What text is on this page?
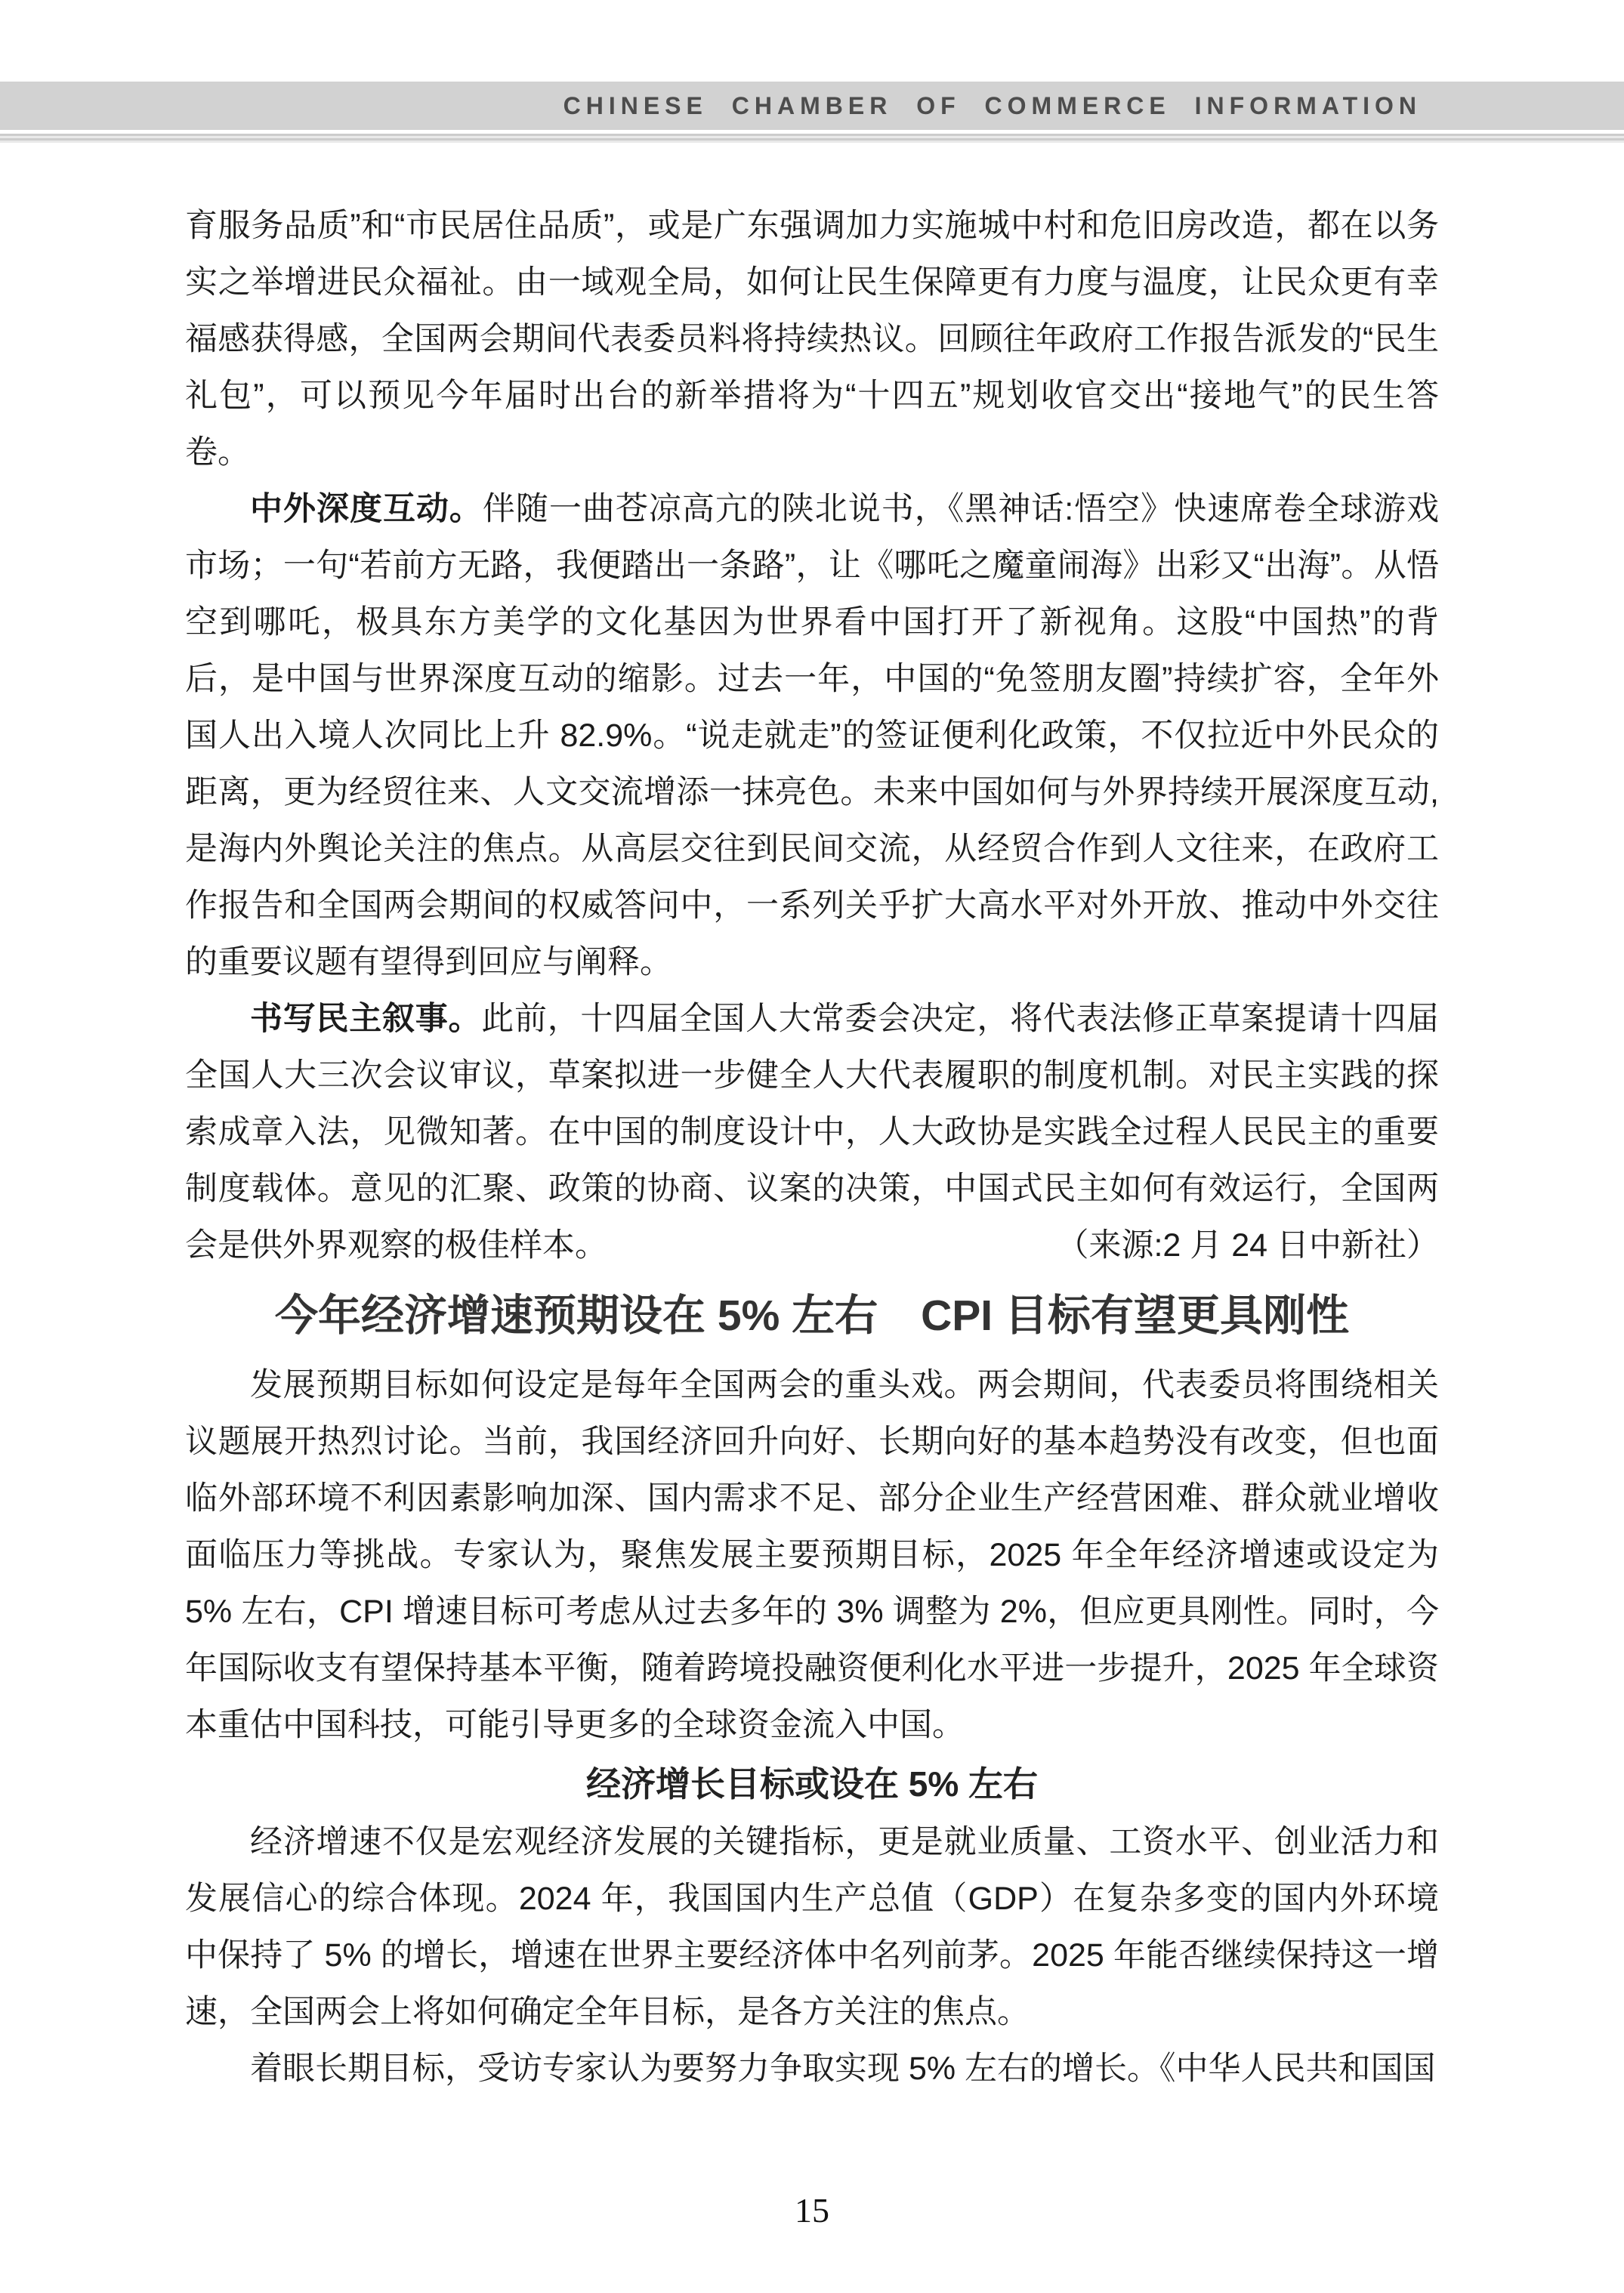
CHINESE CHAMBER OF COMMERCE INFORMATION

育服务品质”和“市民居住品质”，或是广东强调加力实施城中村和危旧房改造，都在以务实之举增进民众福祉。由一域观全局，如何让民生保障更有力度与温度，让民众更有幸福感获得感，全国两会期间代表委员料将持续热议。回顾往年政府工作报告派发的“民生礼包”，可以预见今年届时出台的新举措将为“十四五”规划收官交出“接地气”的民生答卷。

中外深度互动。伴随一曲苍凉高亢的陕北说书，《黑神话:悟空》快速席卷全球游戏市场；一句“若前方无路，我便踏出一条路”，让《哪吒之魔童闹海》出彩又“出海”。从悟空到哪吒，极具东方美学的文化基因为世界看中国打开了新视角。这股“中国热”的背后，是中国与世界深度互动的缩影。过去一年，中国的“免签朋友圈”持续扩容，全年外国人出入境人次同比上升 82.9%。“说走就走”的签证便利化政策，不仅拉近中外民众的距离，更为经贸往来、人文交流增添一抹亮色。未来中国如何与外界持续开展深度互动,是海内外舆论关注的焦点。从高层交往到民间交流，从经贸合作到人文往来，在政府工作报告和全国两会期间的权威答问中，一系列关乎扩大高水平对外开放、推动中外交往的重要议题有望得到回应与阐释。

书写民主叙事。此前，十四届全国人大常委会决定，将代表法修正草案提请十四届全国人大三次会议审议，草案拟进一步健全人大代表履职的制度机制。对民主实践的探索成章入法，见微知著。在中国的制度设计中，人大政协是实践全过程人民民主的重要制度载体。意见的汇聚、政策的协商、议案的决策，中国式民主如何有效运行，全国两会是供外界观察的极佳样本。	（来源:2 月 24 日中新社）

今年经济增速预期设在 5% 左右　CPI 目标有望更具刚性

发展预期目标如何设定是每年全国两会的重头戏。两会期间，代表委员将围绕相关议题展开热烈讨论。当前，我国经济回升向好、长期向好的基本趋势没有改变，但也面临外部环境不利因素影响加深、国内需求不足、部分企业生产经营困难、群众就业增收面临压力等挑战。专家认为，聚焦发展主要预期目标，2025 年全年经济增速或设定为 5% 左右，CPI 增速目标可考虑从过去多年的 3% 调整为 2%，但应更具刚性。同时，今年国际收支有望保持基本平衡，随着跨境投融资便利化水平进一步提升，2025 年全球资本重估中国科技，可能引导更多的全球资金流入中国。

经济增长目标或设在 5% 左右

经济增速不仅是宏观经济发展的关键指标，更是就业质量、工资水平、创业活力和发展信心的综合体现。2024 年，我国国内生产总值（GDP）在复杂多变的国内外环境中保持了 5% 的增长，增速在世界主要经济体中名列前茅。2025 年能否继续保持这一增速，全国两会上将如何确定全年目标，是各方关注的焦点。

着眼长期目标，受访专家认为要努力争取实现 5% 左右的增长。《中华人民共和国国

15
